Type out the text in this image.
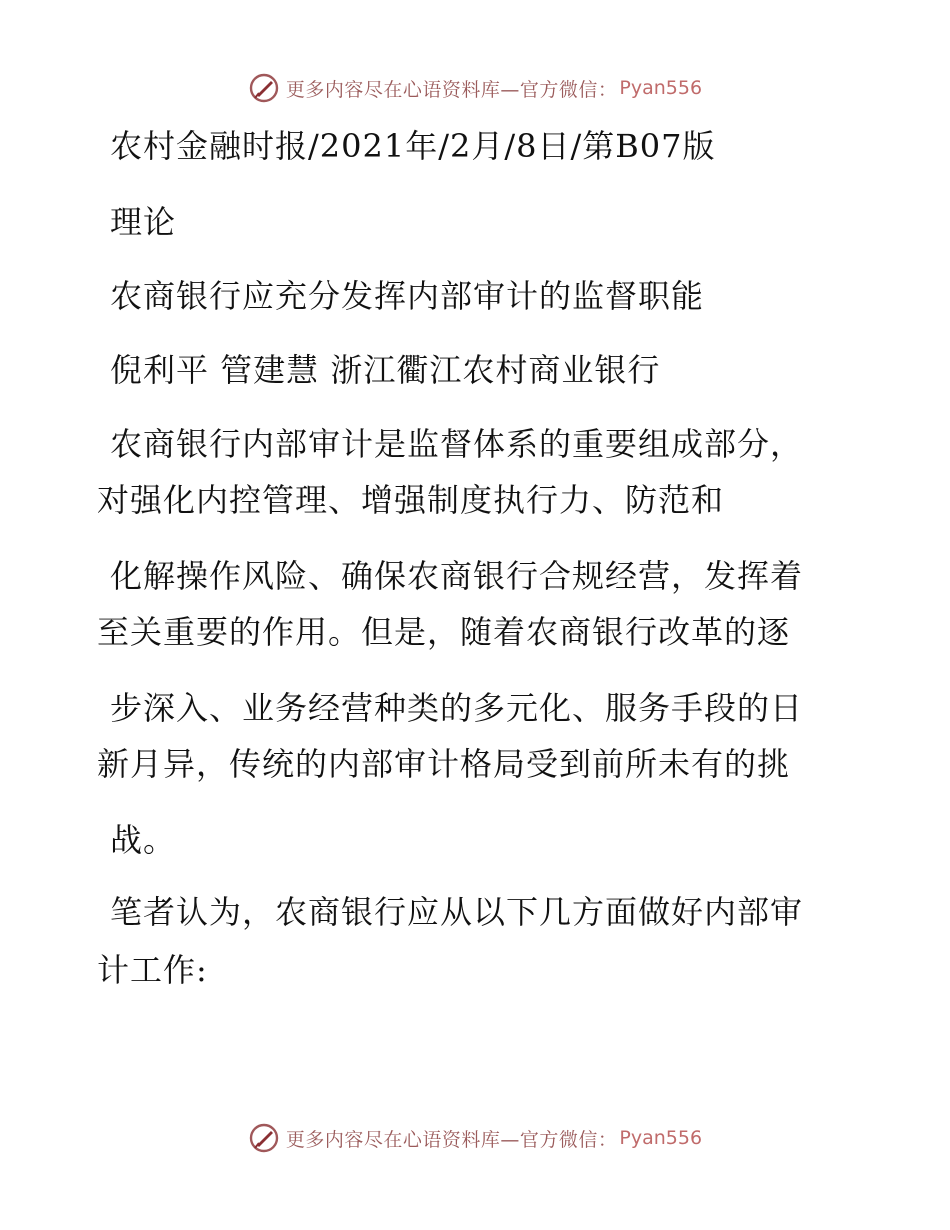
更多内容尽在心语资料库—官方微信： Pyan556
农村金融时报/2021年/2月/8日/第B07版
理论
农商银行应充分发挥内部审计的监督职能
倪利平 管建慧 浙江衢江农村商业银行
农商银行内部审计是监督体系的重要组成部分，
对强化内控管理、增强制度执行力、防范和
化解操作风险、确保农商银行合规经营，发挥着
至关重要的作用。但是，随着农商银行改革的逐
步深入、业务经营种类的多元化、服务手段的日
新月异，传统的内部审计格局受到前所未有的挑
战。
笔者认为，农商银行应从以下几方面做好内部审
计工作:
更多内容尽在心语资料库—官方微信： Pyan556
